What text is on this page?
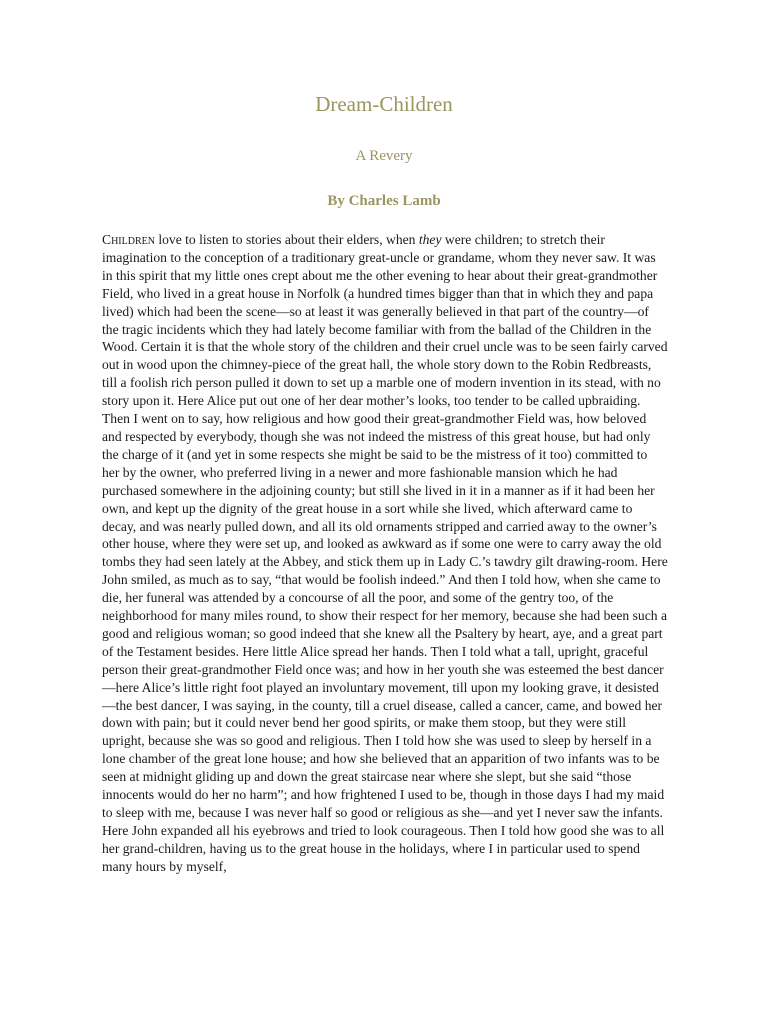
Dream-Children
A Revery
By Charles Lamb

Children love to listen to stories about their elders, when they were children; to stretch their imagination to the conception of a traditionary great-uncle or grandame, whom they never saw. It was in this spirit that my little ones crept about me the other evening to hear about their great-grandmother Field, who lived in a great house in Norfolk (a hundred times bigger than that in which they and papa lived) which had been the scene—so at least it was generally believed in that part of the country—of the tragic incidents which they had lately become familiar with from the ballad of the Children in the Wood. Certain it is that the whole story of the children and their cruel uncle was to be seen fairly carved out in wood upon the chimney-piece of the great hall, the whole story down to the Robin Redbreasts, till a foolish rich person pulled it down to set up a marble one of modern invention in its stead, with no story upon it. Here Alice put out one of her dear mother’s looks, too tender to be called upbraiding. Then I went on to say, how religious and how good their great-grandmother Field was, how beloved and respected by everybody, though she was not indeed the mistress of this great house, but had only the charge of it (and yet in some respects she might be said to be the mistress of it too) committed to her by the owner, who preferred living in a newer and more fashionable mansion which he had purchased somewhere in the adjoining county; but still she lived in it in a manner as if it had been her own, and kept up the dignity of the great house in a sort while she lived, which afterward came to decay, and was nearly pulled down, and all its old ornaments stripped and carried away to the owner’s other house, where they were set up, and looked as awkward as if some one were to carry away the old tombs they had seen lately at the Abbey, and stick them up in Lady C.’s tawdry gilt drawing-room. Here John smiled, as much as to say, “that would be foolish indeed.” And then I told how, when she came to die, her funeral was attended by a concourse of all the poor, and some of the gentry too, of the neighborhood for many miles round, to show their respect for her memory, because she had been such a good and religious woman; so good indeed that she knew all the Psaltery by heart, aye, and a great part of the Testament besides. Here little Alice spread her hands. Then I told what a tall, upright, graceful person their great-grandmother Field once was; and how in her youth she was esteemed the best dancer—here Alice’s little right foot played an involuntary movement, till upon my looking grave, it desisted—the best dancer, I was saying, in the county, till a cruel disease, called a cancer, came, and bowed her down with pain; but it could never bend her good spirits, or make them stoop, but they were still upright, because she was so good and religious. Then I told how she was used to sleep by herself in a lone chamber of the great lone house; and how she believed that an apparition of two infants was to be seen at midnight gliding up and down the great staircase near where she slept, but she said “those innocents would do her no harm”; and how frightened I used to be, though in those days I had my maid to sleep with me, because I was never half so good or religious as she—and yet I never saw the infants. Here John expanded all his eyebrows and tried to look courageous. Then I told how good she was to all her grand-children, having us to the great house in the holidays, where I in particular used to spend many hours by myself,
